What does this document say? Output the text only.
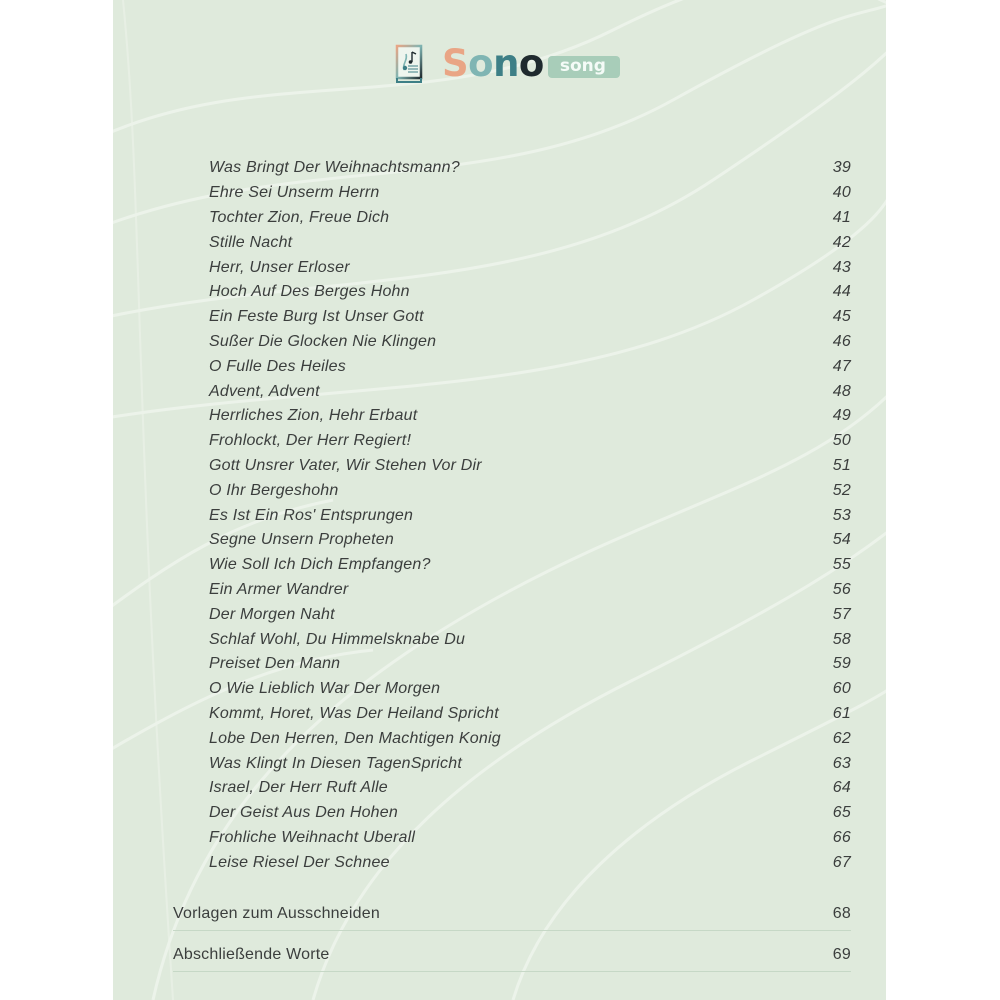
S o n o song
Was Bringt Der Weihnachtsmann?	39
Ehre Sei Unserm Herrn	40
Tochter Zion, Freue Dich	41
Stille Nacht	42
Herr, Unser Erloser	43
Hoch Auf Des Berges Hohn	44
Ein Feste Burg Ist Unser Gott	45
Sußer Die Glocken Nie Klingen	46
O Fulle Des Heiles	47
Advent, Advent	48
Herrliches Zion, Hehr Erbaut	49
Frohlockt, Der Herr Regiert!	50
Gott Unsrer Vater, Wir Stehen Vor Dir	51
O Ihr Bergeshohn	52
Es Ist Ein Ros' Entsprungen	53
Segne Unsern Propheten	54
Wie Soll Ich Dich Empfangen?	55
Ein Armer Wandrer	56
Der Morgen Naht	57
Schlaf Wohl, Du Himmelsknabe Du	58
Preiset Den Mann	59
O Wie Lieblich War Der Morgen	60
Kommt, Horet, Was Der Heiland Spricht	61
Lobe Den Herren, Den Machtigen Konig	62
Was Klingt In Diesen TagenSpricht	63
Israel, Der Herr Ruft Alle	64
Der Geist Aus Den Hohen	65
Frohliche Weihnacht Uberall	66
Leise Riesel Der Schnee	67
Vorlagen zum Ausschneiden	68
Abschließende Worte	69
